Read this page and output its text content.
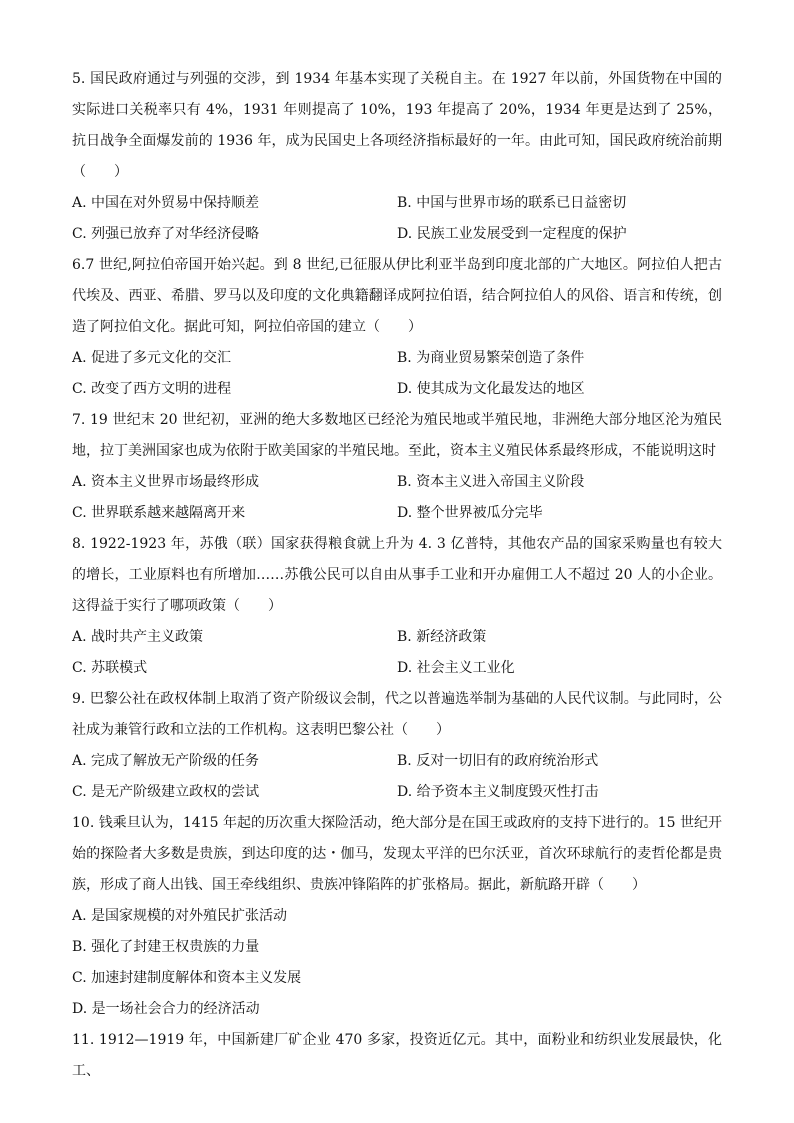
5. 国民政府通过与列强的交涉，到 1934 年基本实现了关税自主。在 1927 年以前，外国货物在中国的实际进口关税率只有 4%，1931 年则提高了 10%，193 年提高了 20%，1934 年更是达到了 25%，抗日战争全面爆发前的 1936 年，成为民国史上各项经济指标最好的一年。由此可知，国民政府统治前期（　　）

A. 中国在对外贸易中保持顺差	B. 中国与世界市场的联系已日益密切
C. 列强已放弃了对华经济侵略	D. 民族工业发展受到一定程度的保护

6.7 世纪,阿拉伯帝国开始兴起。到 8 世纪,已征服从伊比利亚半岛到印度北部的广大地区。阿拉伯人把古代埃及、西亚、希腊、罗马以及印度的文化典籍翻译成阿拉伯语，结合阿拉伯人的风俗、语言和传统，创造了阿拉伯文化。据此可知，阿拉伯帝国的建立（　　）

A. 促进了多元文化的交汇	B. 为商业贸易繁荣创造了条件
C. 改变了西方文明的进程	D. 使其成为文化最发达的地区

7. 19 世纪末 20 世纪初，亚洲的绝大多数地区已经沦为殖民地或半殖民地，非洲绝大部分地区沦为殖民地，拉丁美洲国家也成为依附于欧美国家的半殖民地。至此，资本主义殖民体系最终形成，不能说明这时

A. 资本主义世界市场最终形成	B. 资本主义进入帝国主义阶段
C. 世界联系越来越隔离开来	D. 整个世界被瓜分完毕

8. 1922-1923 年，苏俄（联）国家获得粮食就上升为 4. 3 亿普特，其他农产品的国家采购量也有较大的增长，工业原料也有所增加……苏俄公民可以自由从事手工业和开办雇佣工人不超过 20 人的小企业。这得益于实行了哪项政策（　　）

A. 战时共产主义政策	B. 新经济政策
C. 苏联模式	D. 社会主义工业化

9. 巴黎公社在政权体制上取消了资产阶级议会制，代之以普遍选举制为基础的人民代议制。与此同时，公社成为兼管行政和立法的工作机构。这表明巴黎公社（　　）

A. 完成了解放无产阶级的任务	B. 反对一切旧有的政府统治形式
C. 是无产阶级建立政权的尝试	D. 给予资本主义制度毁灭性打击

10. 钱乘旦认为，1415 年起的历次重大探险活动，绝大部分是在国王或政府的支持下进行的。15 世纪开始的探险者大多数是贵族，到达印度的达・伽马，发现太平洋的巴尔沃亚，首次环球航行的麦哲伦都是贵族，形成了商人出钱、国王牵线组织、贵族冲锋陷阵的扩张格局。据此，新航路开辟（　　）

A. 是国家规模的对外殖民扩张活动
B. 强化了封建王权贵族的力量
C. 加速封建制度解体和资本主义发展
D. 是一场社会合力的经济活动

11. 1912—1919 年，中国新建厂矿企业 470 多家，投资近亿元。其中，面粉业和纺织业发展最快，化工、
